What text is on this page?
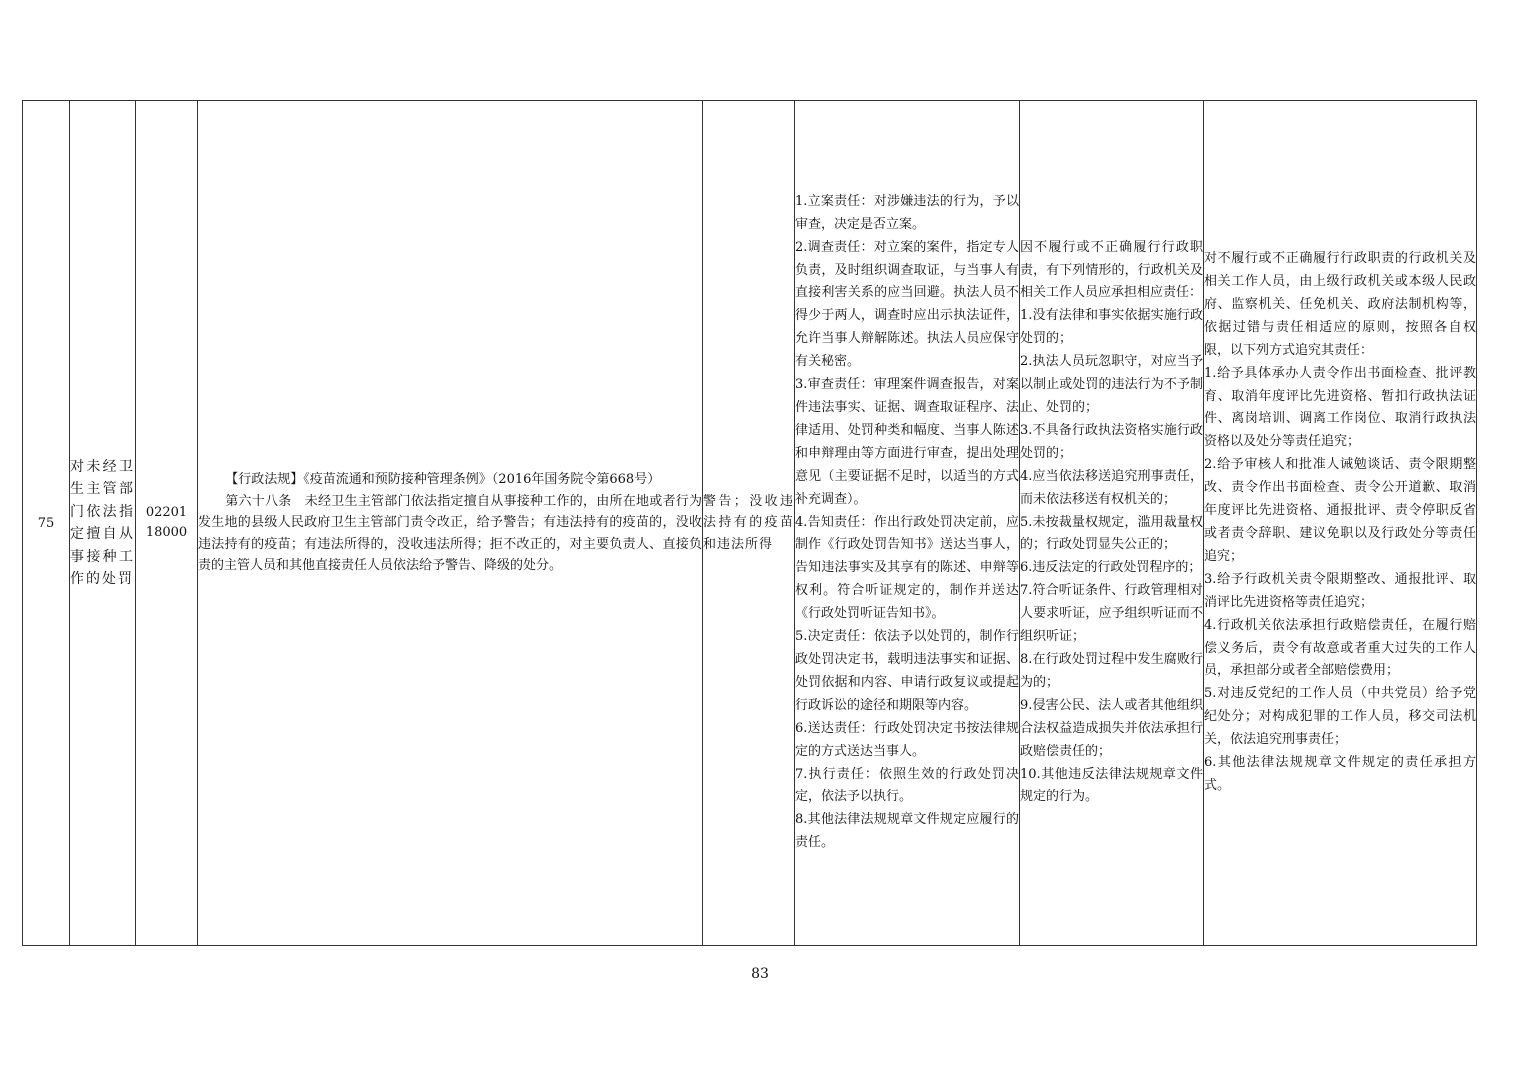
75	
对未经卫生主管部门依法指定擅自从事接种工作的处罚

02201
18000

【行政法规】《疫苗流通和预防接种管理条例》（2016年国务院令第668号）

第六十八条　未经卫生主管部门依法指定擅自从事接种工作的，由所在地或者行为发生地的县级人民政府卫生主管部门责令改正，给予警告；有违法持有的疫苗的，没收违法持有的疫苗；有违法所得的，没收违法所得；拒不改正的，对主要负责人、直接负责的主管人员和其他直接责任人员依法给予警告、降级的处分。

警告；没收违法持有的疫苗和违法所得

1.立案责任：对涉嫌违法的行为，予以审查，决定是否立案。
2.调查责任：对立案的案件，指定专人负责，及时组织调查取证，与当事人有直接利害关系的应当回避。执法人员不得少于两人，调查时应出示执法证件，允许当事人辩解陈述。执法人员应保守有关秘密。
3.审查责任：审理案件调查报告，对案件违法事实、证据、调查取证程序、法律适用、处罚种类和幅度、当事人陈述和申辩理由等方面进行审查，提出处理意见（主要证据不足时，以适当的方式补充调查）。
4.告知责任：作出行政处罚决定前，应制作《行政处罚告知书》送达当事人，告知违法事实及其享有的陈述、申辩等权利。符合听证规定的，制作并送达《行政处罚听证告知书》。
5.决定责任：依法予以处罚的，制作行政处罚决定书，载明违法事实和证据、处罚依据和内容、申请行政复议或提起行政诉讼的途径和期限等内容。
6.送达责任：行政处罚决定书按法律规定的方式送达当事人。
7.执行责任：依照生效的行政处罚决定，依法予以执行。
8.其他法律法规规章文件规定应履行的责任。

因不履行或不正确履行行政职责，有下列情形的，行政机关及相关工作人员应承担相应责任：
1.没有法律和事实依据实施行政处罚的；
2.执法人员玩忽职守，对应当予以制止或处罚的违法行为不予制止、处罚的；
3.不具备行政执法资格实施行政处罚的；
4.应当依法移送追究刑事责任，而未依法移送有权机关的；
5.未按裁量权规定，滥用裁量权的；行政处罚显失公正的；
6.违反法定的行政处罚程序的；
7.符合听证条件、行政管理相对人要求听证，应予组织听证而不组织听证；
8.在行政处罚过程中发生腐败行为的；
9.侵害公民、法人或者其他组织合法权益造成损失并依法承担行政赔偿责任的；
10.其他违反法律法规规章文件规定的行为。

对不履行或不正确履行行政职责的行政机关及相关工作人员，由上级行政机关或本级人民政府、监察机关、任免机关、政府法制机构等，依据过错与责任相适应的原则，按照各自权限，以下列方式追究其责任：
1.给予具体承办人责令作出书面检查、批评教育、取消年度评比先进资格、暂扣行政执法证件、离岗培训、调离工作岗位、取消行政执法资格以及处分等责任追究；
2.给予审核人和批准人诫勉谈话、责令限期整改、责令作出书面检查、责令公开道歉、取消年度评比先进资格、通报批评、责令停职反省或者责令辞职、建议免职以及行政处分等责任追究；
3.给予行政机关责令限期整改、通报批评、取消评比先进资格等责任追究；
4.行政机关依法承担行政赔偿责任，在履行赔偿义务后，责令有故意或者重大过失的工作人员，承担部分或者全部赔偿费用；
5.对违反党纪的工作人员（中共党员）给予党纪处分；对构成犯罪的工作人员，移交司法机关，依法追究刑事责任；
6.其他法律法规规章文件规定的责任承担方式。
83
